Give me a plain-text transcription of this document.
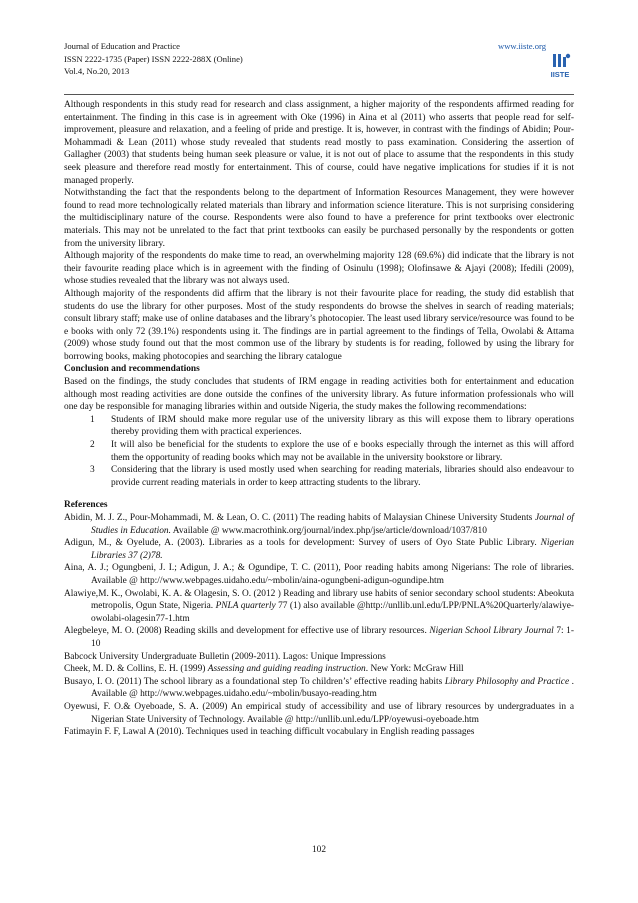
Journal of Education and Practice
ISSN 2222-1735 (Paper) ISSN 2222-288X (Online)
Vol.4, No.20, 2013
www.iiste.org
IISTE

Although respondents in this study read for research and class assignment, a higher majority of the respondents affirmed reading for entertainment. The finding in this case is in agreement with Oke (1996) in Aina et al (2011) who asserts that people read for self-improvement, pleasure and relaxation, and a feeling of pride and prestige. It is, however, in contrast with the findings of Abidin; Pour-Mohammadi & Lean (2011) whose study revealed that students read mostly to pass examination. Considering the assertion of Gallagher (2003) that students being human seek pleasure or value, it is not out of place to assume that the respondents in this study seek pleasure and therefore read mostly for entertainment. This of course, could have negative implications for studies if it is not managed properly.

Notwithstanding the fact that the respondents belong to the department of Information Resources Management, they were however found to read more technologically related materials than library and information science literature. This is not surprising considering the multidisciplinary nature of the course. Respondents were also found to have a preference for print textbooks over electronic materials. This may not be unrelated to the fact that print textbooks can easily be purchased personally by the respondents or gotten from the university library.

Although majority of the respondents do make time to read, an overwhelming majority 128 (69.6%) did indicate that the library is not their favourite reading place which is in agreement with the finding of Osinulu (1998); Olofinsawe & Ajayi (2008); Ifedili (2009), whose studies revealed that the library was not always used.

Although majority of the respondents did affirm that the library is not their favourite place for reading, the study did establish that students do use the library for other purposes. Most of the study respondents do browse the shelves in search of reading materials; consult library staff; make use of online databases and the library’s photocopier. The least used library service/resource was found to be e books with only 72 (39.1%) respondents using it. The findings are in partial agreement to the findings of Tella, Owolabi & Attama (2009) whose study found out that the most common use of the library by students is for reading, followed by using the library for borrowing books, making photocopies and searching the library catalogue

Conclusion and recommendations

Based on the findings, the study concludes that students of IRM engage in reading activities both for entertainment and education although most reading activities are done outside the confines of the university library. As future information professionals who will one day be responsible for managing libraries within and outside Nigeria, the study makes the following recommendations:

1 Students of IRM should make more regular use of the university library as this will expose them to library operations thereby providing them with practical experiences.
2 It will also be beneficial for the students to explore the use of e books especially through the internet as this will afford them the opportunity of reading books which may not be available in the university bookstore or library.
3 Considering that the library is used mostly used when searching for reading materials, libraries should also endeavour to provide current reading materials in order to keep attracting students to the library.
References

Abidin, M. J. Z., Pour-Mohammadi, M. & Lean, O. C. (2011) The reading habits of Malaysian Chinese University Students Journal of Studies in Education. Available @ www.macrothink.org/journal/index.php/jse/article/download/1037/810

Adigun, M., & Oyelude, A. (2003). Libraries as a tools for development: Survey of users of Oyo State Public Library. Nigerian Libraries 37 (2)78.

Aina, A. J.; Ogungbeni, J. I.; Adigun, J. A.; & Ogundipe, T. C. (2011), Poor reading habits among Nigerians: The role of libraries. Available @ http://www.webpages.uidaho.edu/~mbolin/aina-ogungbeni-adigun-ogundipe.htm

Alawiye,M. K., Owolabi, K. A. & Olagesin, S. O. (2012 ) Reading and library use habits of senior secondary school students: Abeokuta metropolis, Ogun State, Nigeria. PNLA quarterly 77 (1) also available @http://unllib.unl.edu/LPP/PNLA%20Quarterly/alawiye-owolabi-olagesin77-1.htm

Alegbeleye, M. O. (2008) Reading skills and development for effective use of library resources. Nigerian School Library Journal 7: 1-10

Babcock University Undergraduate Bulletin (2009-2011). Lagos: Unique Impressions

Cheek, M. D. & Collins, E. H. (1999) Assessing and guiding reading instruction. New York: McGraw Hill

Busayo, I. O. (2011) The school library as a foundational step To children’s’ effective reading habits Library Philosophy and Practice . Available @ http://www.webpages.uidaho.edu/~mbolin/busayo-reading.htm

Oyewusi, F. O.& Oyeboade, S. A. (2009) An empirical study of accessibility and use of library resources by undergraduates in a Nigerian State University of Technology. Available @ http://unllib.unl.edu/LPP/oyewusi-oyeboade.htm

Fatimayin F. F, Lawal A (2010). Techniques used in teaching difficult vocabulary in English reading passages

102
